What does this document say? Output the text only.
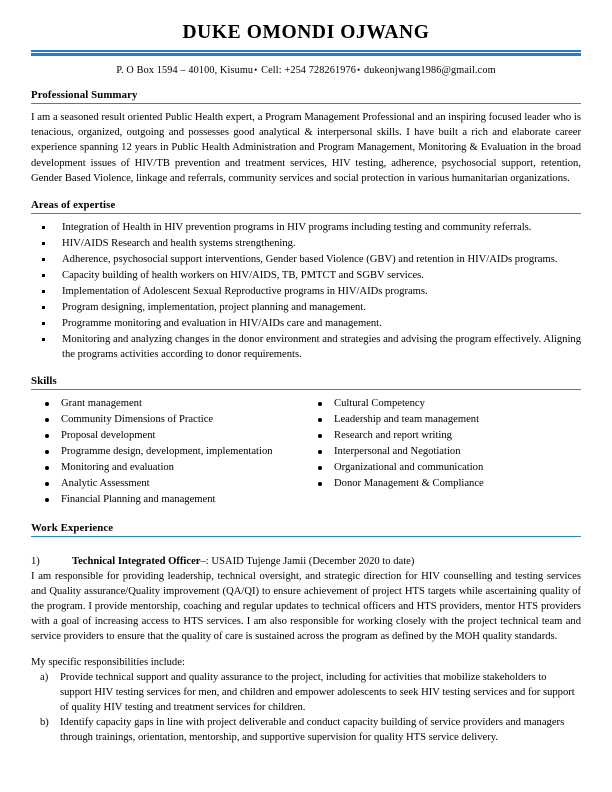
DUKE OMONDI OJWANG
P. O Box 1594 – 40100, Kisumu• Cell: +254 728261976• dukeonjwang1986@gmail.com
Professional Summary

I am a seasoned result oriented Public Health expert, a Program Management Professional and an inspiring focused leader who is tenacious, organized, outgoing and possesses good analytical & interpersonal skills. I have built a rich and elaborate career experience spanning 12 years in Public Health Administration and Program Management, Monitoring & Evaluation in the broad development issues of HIV/TB prevention and treatment services, HIV testing, adherence, psychosocial support, retention, Gender Based Violence, linkage and referrals, community services and social protection in various humanitarian organizations.

Areas of expertise
Integration of Health in HIV prevention programs in HIV programs including testing and community referrals.
HIV/AIDS Research and health systems strengthening.
Adherence, psychosocial support interventions, Gender based Violence (GBV) and retention in HIV/AIDs programs.
Capacity building of health workers on HIV/AIDS, TB, PMTCT and SGBV services.
Implementation of Adolescent Sexual Reproductive programs in HIV/AIDs programs.
Program designing, implementation, project planning and management.
Programme monitoring and evaluation in HIV/AIDs care and management.
Monitoring and analyzing changes in the donor environment and strategies and advising the program effectively. Aligning the programs activities according to donor requirements.
Skills
Grant management
Community Dimensions of Practice
Proposal development
Programme design, development, implementation
Monitoring and evaluation
Analytic Assessment
Financial Planning and management
Cultural Competency
Leadership and team management
Research and report writing
Interpersonal and Negotiation
Organizational and communication
Donor Management & Compliance
Work Experience
1)	Technical Integrated Officer–: USAID Tujenge Jamii (December 2020 to date)

I am responsible for providing leadership, technical oversight, and strategic direction for HIV counselling and testing services and Quality assurance/Quality improvement (QA/QI) to ensure achievement of project HTS targets while ascertaining quality of the program. I provide mentorship, coaching and regular updates to technical officers and HTS providers, mentor HTS providers with a goal of increasing access to HTS services. I am also responsible for working closely with the project technical team and service providers to ensure that the quality of care is sustained across the program as defined by the MOH quality standards.

My specific responsibilities include:

Provide technical support and quality assurance to the project, including for activities that mobilize stakeholders to support HIV testing services for men, and children and empower adolescents to seek HIV testing services and for support of quality HIV testing and treatment services for children.
Identify capacity gaps in line with project deliverable and conduct capacity building of service providers and managers through trainings, orientation, mentorship, and supportive supervision for quality HTS service delivery.
